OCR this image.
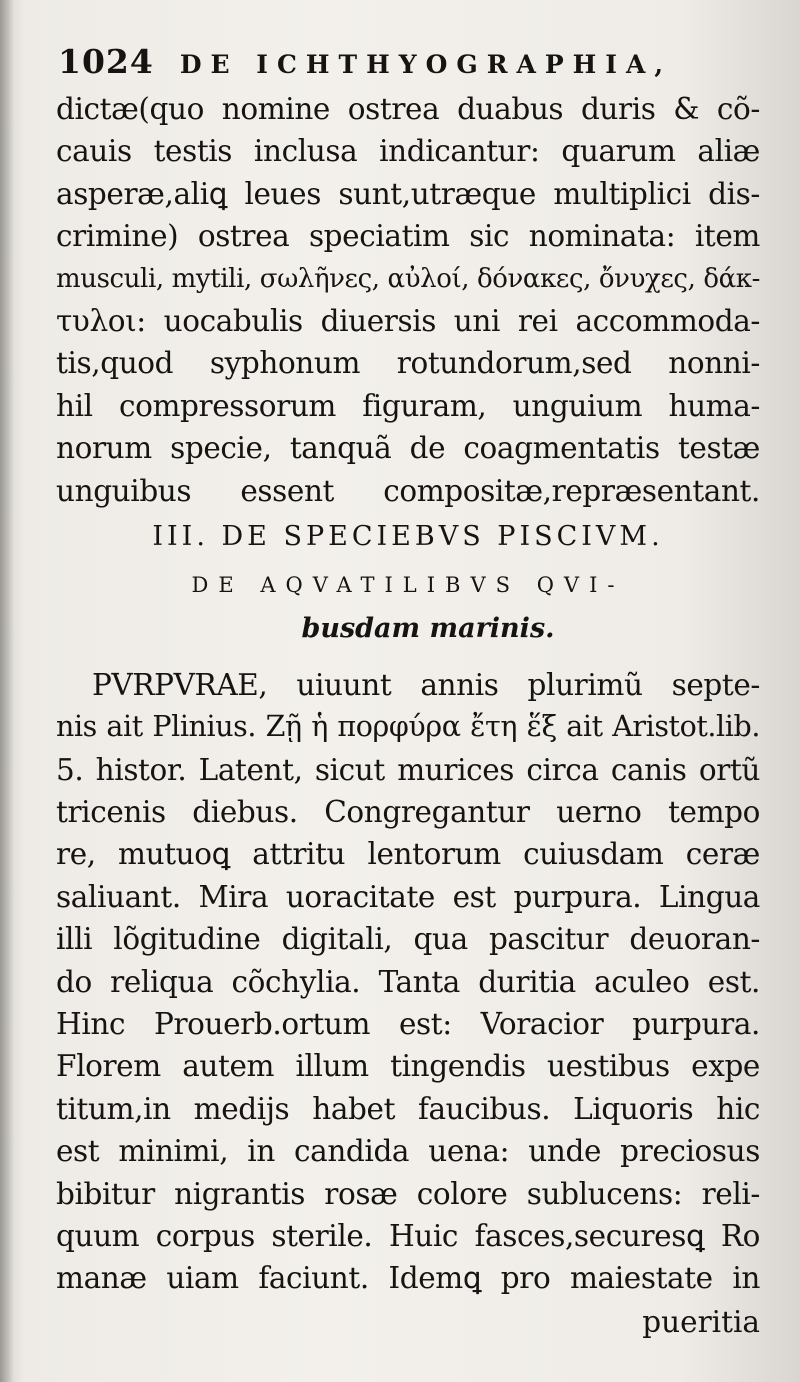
1024 DE ICHTHYOGRAPHIA,
dictæ(quo nomine ostrea duabus duris & cõ-
cauis testis inclusa indicantur: quarum aliæ
asperæ,aliꝗ leues sunt,utræque multiplici dis-
crimine) ostrea speciatim sic nominata: item
musculi, mytili, σωλῆνες, αὐλοί, δόνακες, ὄνυχες, δάκ-
τυλοι: uocabulis diuersis uni rei accommoda-
tis,quod syphonum rotundorum,sed nonni-
hil compressorum figuram, unguium huma-
norum specie, tanquã de coagmentatis testæ
unguibus essent compositæ,repræsentant.
III. DE SPECIEBVS PISCIVM.
DE AQVATILIBVS QVI-
busdam marinis.
PVRPVRAE, uiuunt annis plurimũ septe-
nis ait Plinius. Ζῇ ἡ πορφύρα ἔτη ἕξ ait Aristot.lib.
5. histor. Latent, sicut murices circa canis ortũ
tricenis diebus. Congregantur uerno tempo
re, mutuoꝗ attritu lentorum cuiusdam ceræ
saliuant. Mira uoracitate est purpura. Lingua
illi lõgitudine digitali, qua pascitur deuoran-
do reliqua cõchylia. Tanta duritia aculeo est.
Hinc Prouerb.ortum est: Voracior purpura.
Florem autem illum tingendis uestibus expe
titum,in medijs habet faucibus. Liquoris hic
est minimi, in candida uena: unde preciosus
bibitur nigrantis rosæ colore sublucens: reli-
quum corpus sterile. Huic fasces,securesꝗ Ro
manæ uiam faciunt. Idemꝗ pro maiestate in
pueritia
